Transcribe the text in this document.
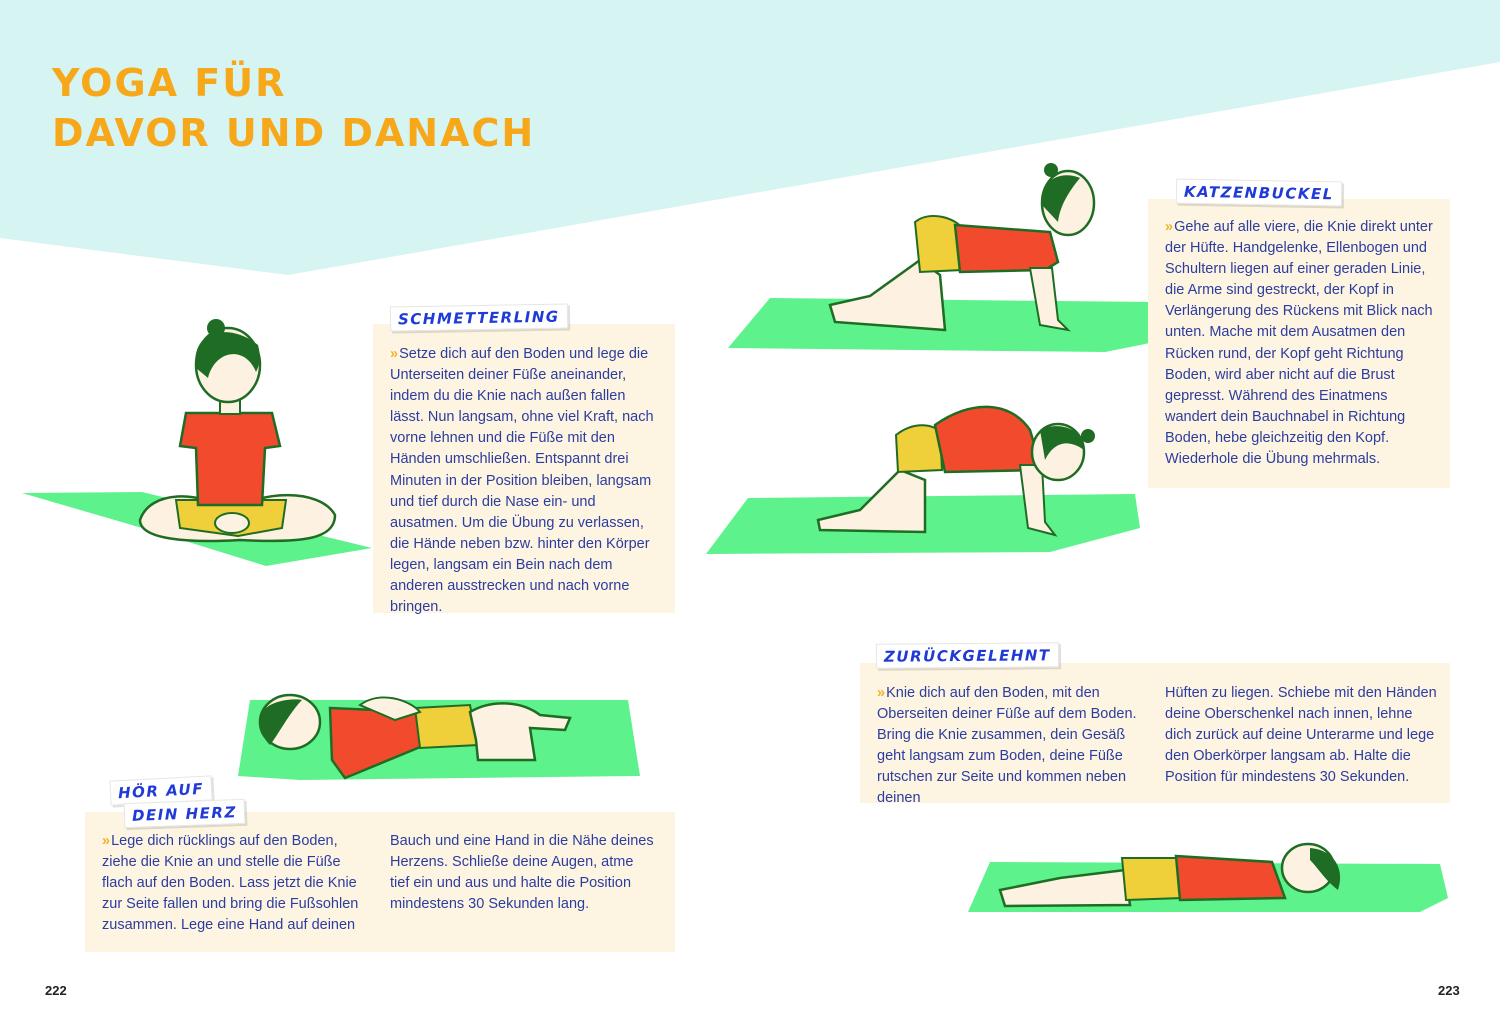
YOGA FÜR
DAVOR UND DANACH
SCHMETTERLING

» Setze dich auf den Boden und lege die Unterseiten deiner Füße aneinander, indem du die Knie nach außen fallen lässt. Nun langsam, ohne viel Kraft, nach vorne lehnen und die Füße mit den Händen umschließen. Entspannt drei Minuten in der Position bleiben, langsam und tief durch die Nase ein- und ausatmen. Um die Übung zu verlassen, die Hände neben bzw. hinter den Körper legen, langsam ein Bein nach dem anderen ausstrecken und nach vorne bringen.

KATZENBUCKEL

» Gehe auf alle viere, die Knie direkt unter der Hüfte. Handgelenke, Ellenbogen und Schultern liegen auf einer geraden Linie, die Arme sind gestreckt, der Kopf in Verlängerung des Rückens mit Blick nach unten. Mache mit dem Ausatmen den Rücken rund, der Kopf geht Richtung Boden, wird aber nicht auf die Brust gepresst. Während des Einatmens wandert dein Bauchnabel in Richtung Boden, hebe gleichzeitig den Kopf. Wiederhole die Übung mehrmals.

ZURÜCKGELEHNT

» Knie dich auf den Boden, mit den Oberseiten deiner Füße auf dem Boden. Bring die Knie zusammen, dein Gesäß geht langsam zum Boden, deine Füße rutschen zur Seite und kommen neben deinen

Hüften zu liegen. Schiebe mit den Händen deine Oberschenkel nach innen, lehne dich zurück auf deine Unterarme und lege den Oberkörper langsam ab. Halte die Position für mindestens 30 Sekunden.

HÖR AUF
DEIN HERZ

» Lege dich rücklings auf den Boden, ziehe die Knie an und stelle die Füße flach auf den Boden. Lass jetzt die Knie zur Seite fallen und bring die Fußsohlen zusammen. Lege eine Hand auf deinen

Bauch und eine Hand in die Nähe deines Herzens. Schließe deine Augen, atme tief ein und aus und halte die Position mindestens 30 Sekunden lang.

222	223
